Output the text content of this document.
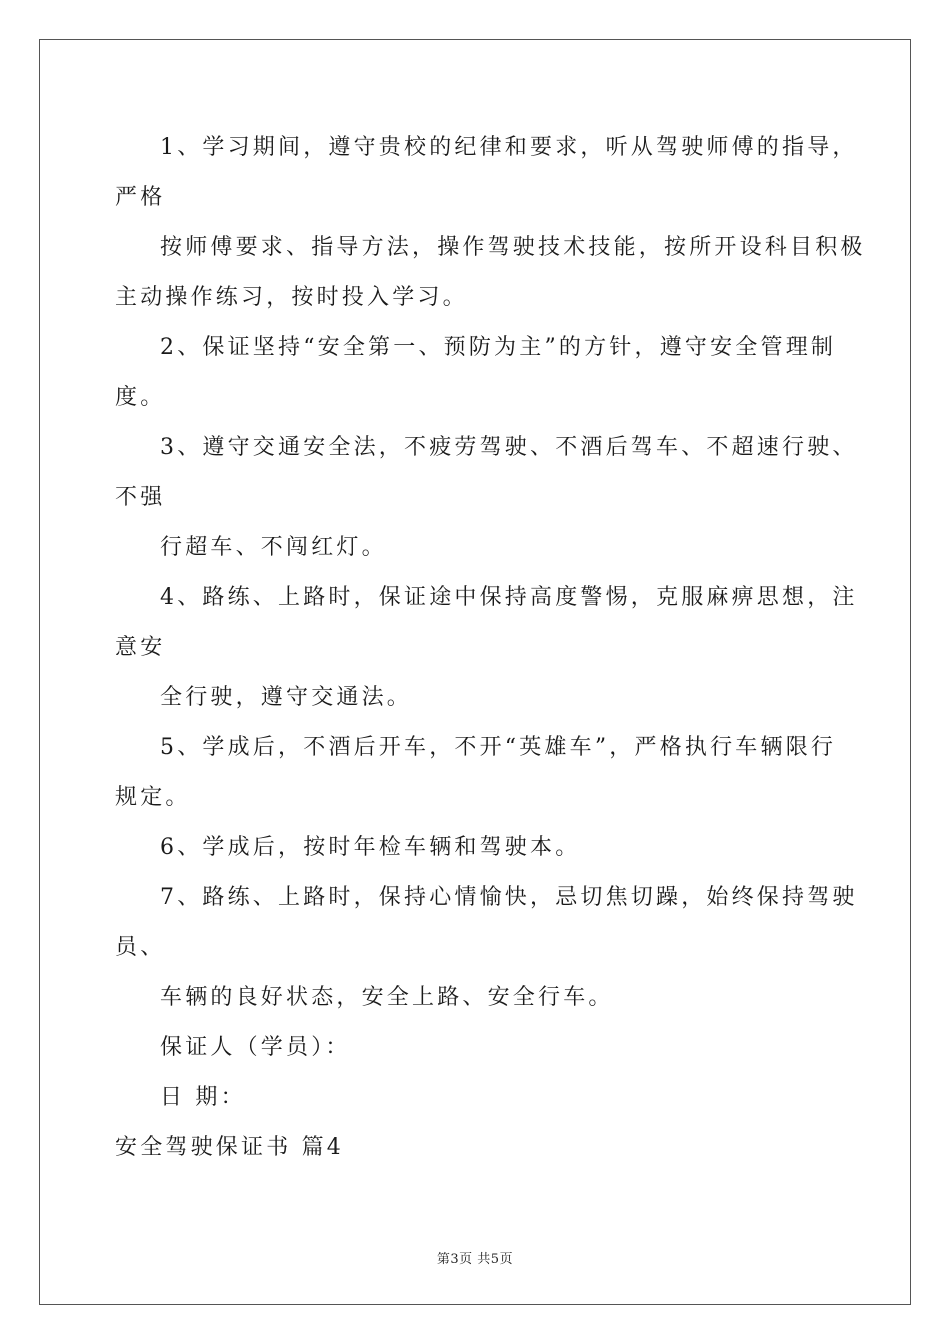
1、学习期间，遵守贵校的纪律和要求，听从驾驶师傅的指导，
严格
按师傅要求、指导方法，操作驾驶技术技能，按所开设科目积极
主动操作练习，按时投入学习。
2、保证坚持“安全第一、预防为主”的方针，遵守安全管理制
度。
3、遵守交通安全法，不疲劳驾驶、不酒后驾车、不超速行驶、
不强
行超车、不闯红灯。
4、路练、上路时，保证途中保持高度警惕，克服麻痹思想，注
意安
全行驶，遵守交通法。
5、学成后，不酒后开车，不开“英雄车”，严格执行车辆限行
规定。
6、学成后，按时年检车辆和驾驶本。
7、路练、上路时，保持心情愉快，忌切焦切躁，始终保持驾驶
员、
车辆的良好状态，安全上路、安全行车。
保证人（学员）：
日 期：
安全驾驶保证书 篇4
第3页 共5页
